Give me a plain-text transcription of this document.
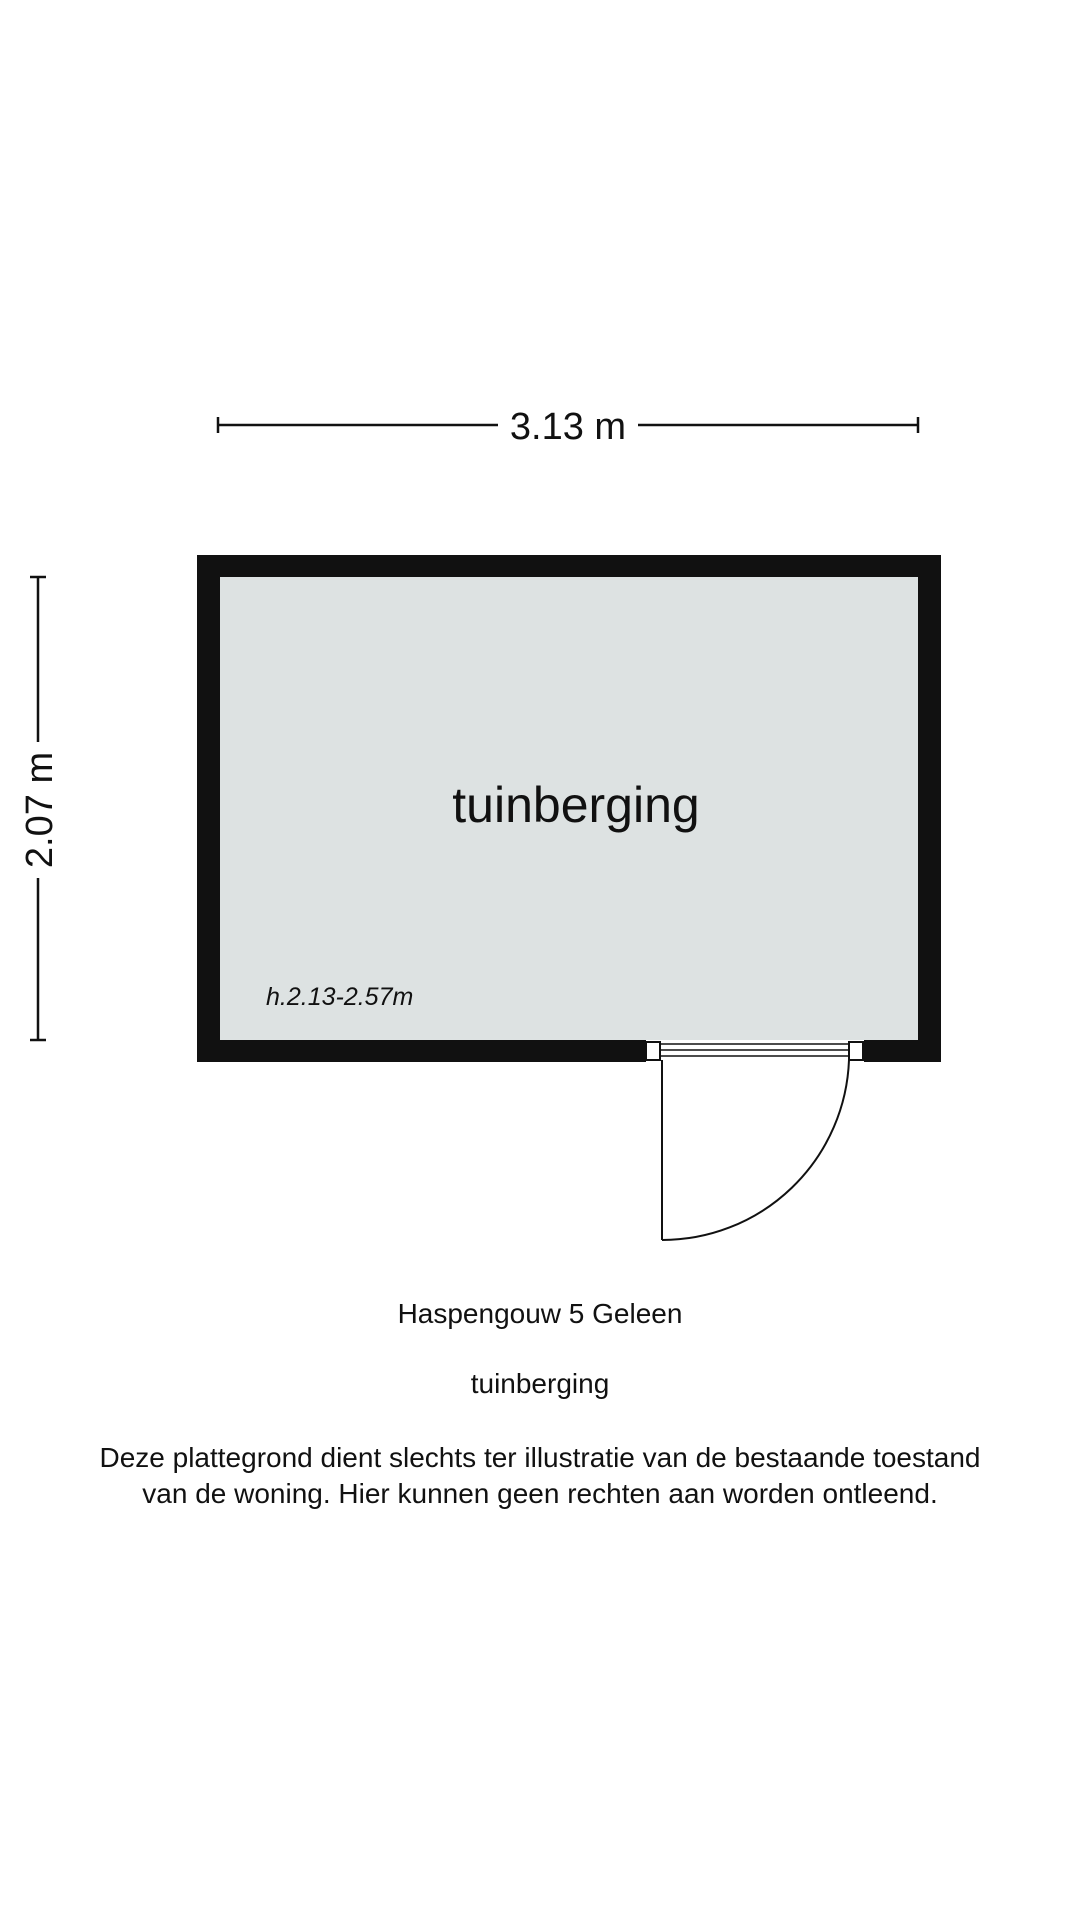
3.13 m
2.07 m	tuinberging
h.2.13-2.57m

Haspengouw 5 Geleen

tuinberging

Deze plattegrond dient slechts ter illustratie van de bestaande toestand
van de woning. Hier kunnen geen rechten aan worden ontleend.
